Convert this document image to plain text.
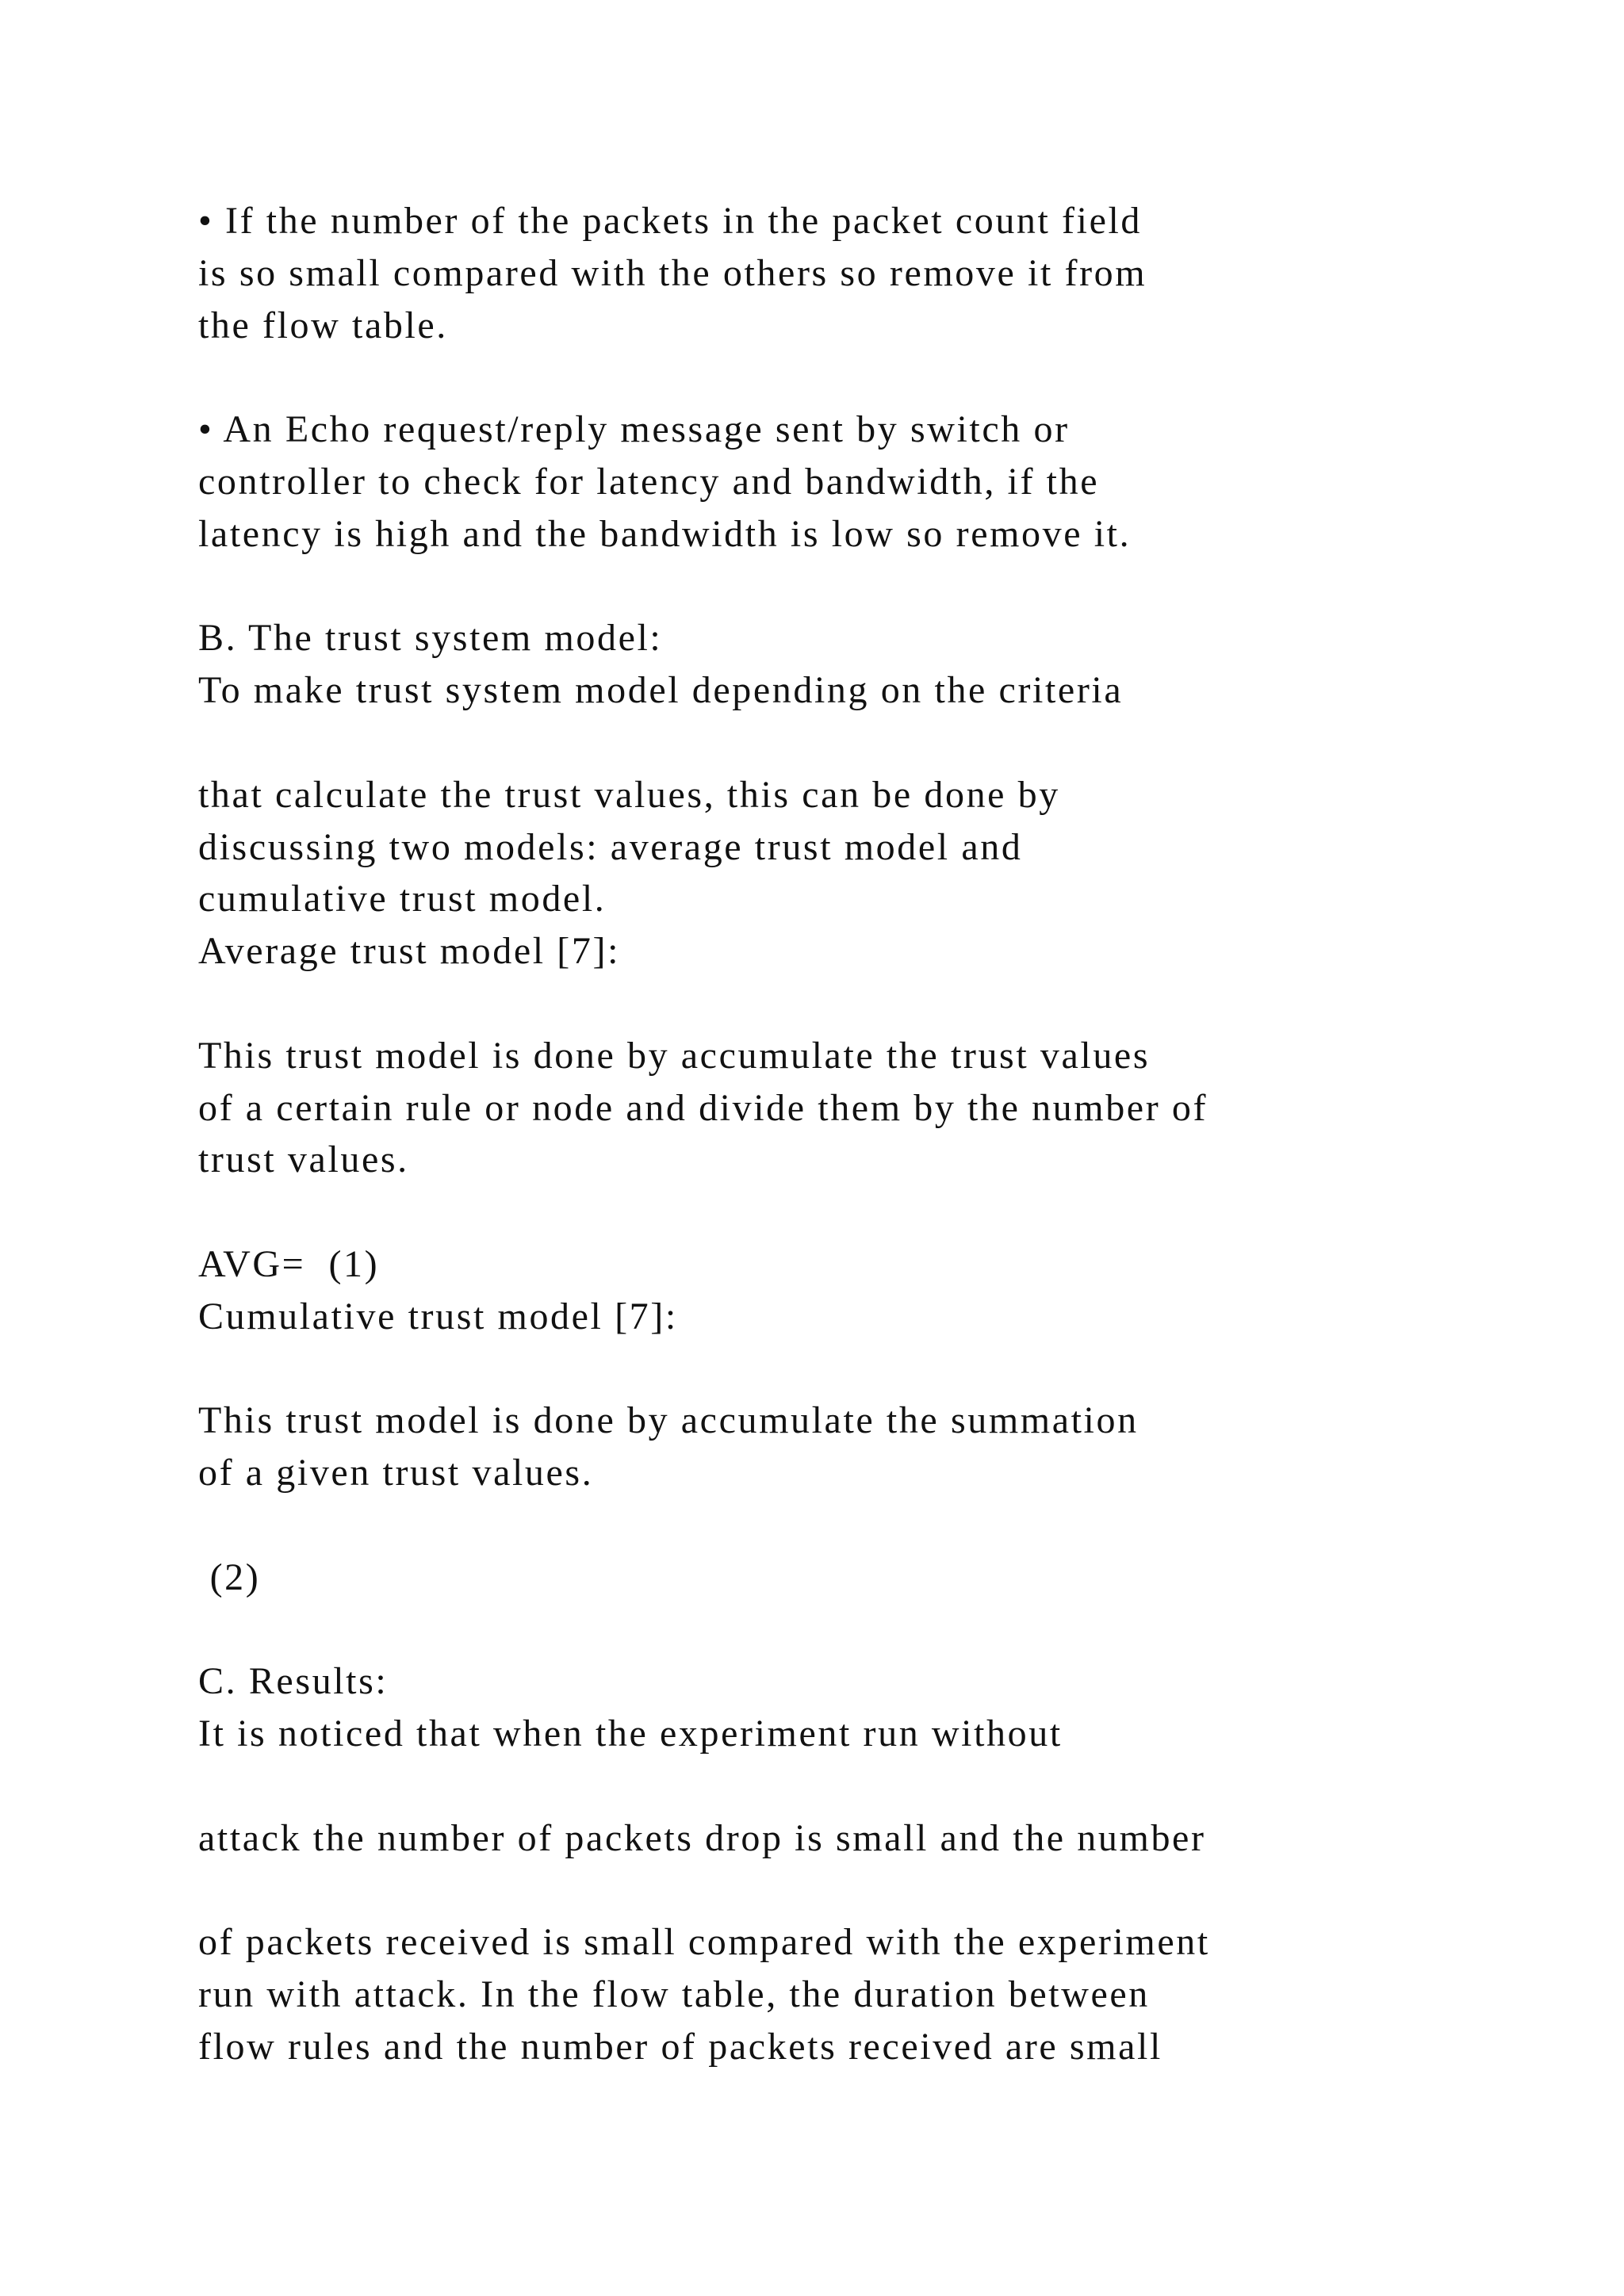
• If the number of the packets in the packet count field
is so small compared with the others so remove it from
the flow table.
• An Echo request/reply message sent by switch or
controller to check for latency and bandwidth, if the
latency is high and the bandwidth is low so remove it.
B. The trust system model:
To make trust system model depending on the criteria
that calculate the trust values, this can be done by
discussing two models: average trust model and
cumulative trust model.
Average trust model [7]:
This trust model is done by accumulate the trust values
of a certain rule or node and divide them by the number of
trust values.
AVG=  (1)
Cumulative trust model [7]:
This trust model is done by accumulate the summation
of a given trust values.
(2)
C. Results:
It is noticed that when the experiment run without
attack the number of packets drop is small and the number
of packets received is small compared with the experiment
run with attack. In the flow table, the duration between
flow rules and the number of packets received are small
